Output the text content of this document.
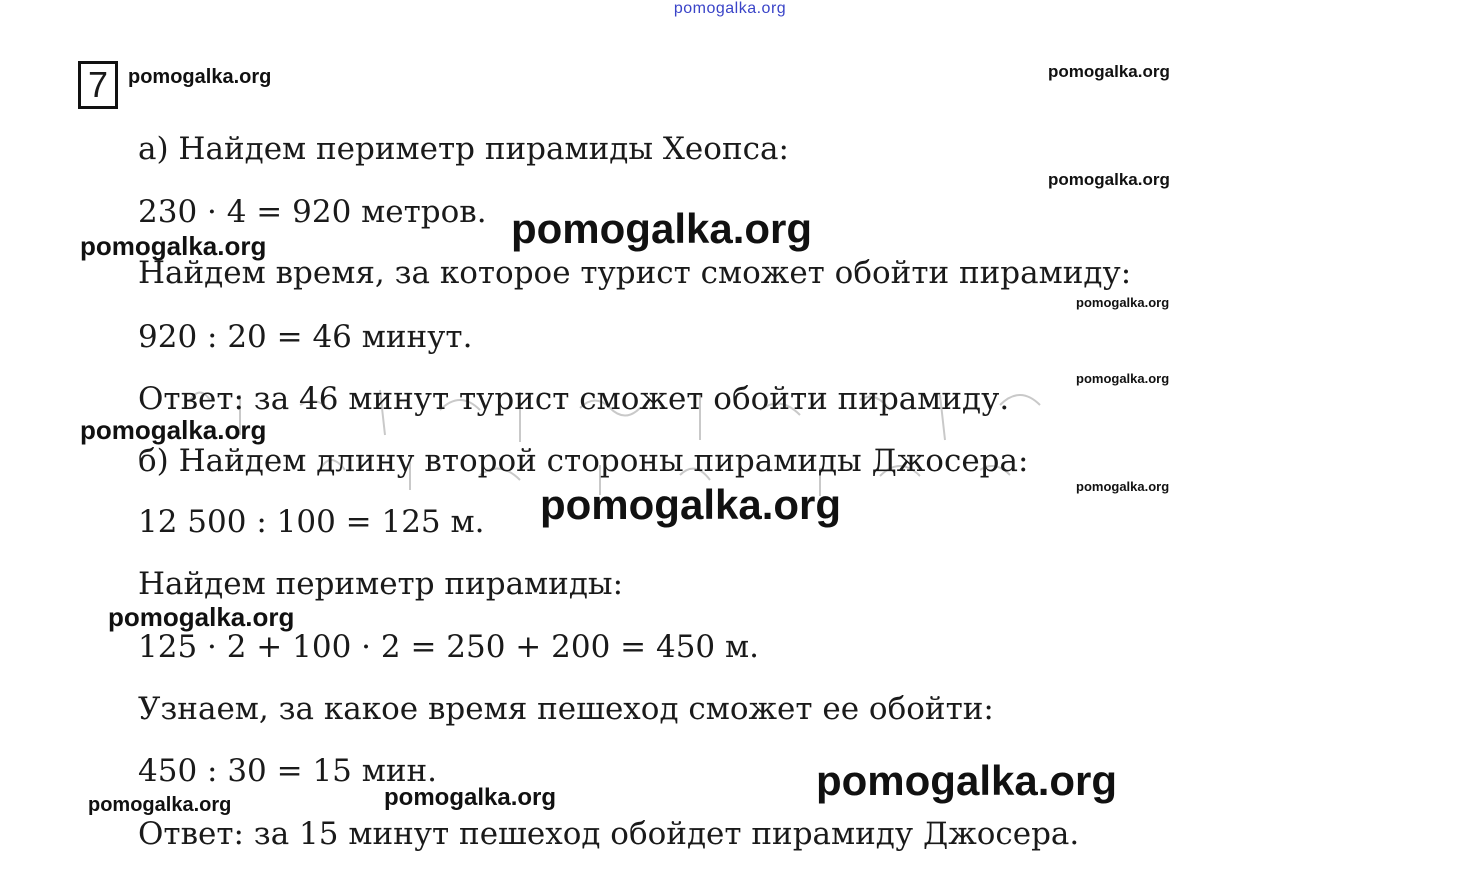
pomogalka.org
7 pomogalka.org	pomogalka.org
pomogalka.org
pomogalka.org
pomogalka.org
pomogalka.org
pomogalka.org
pomogalka.org
pomogalka.org
pomogalka.org
pomogalka.org
pomogalka.org
pomogalka.org
pomogalka.org
а) Найдем периметр пирамиды Хеопса:
230 · 4 = 920 метров.
Найдем время, за которое турист сможет обойти пирамиду:
920 : 20 = 46 минут.
Ответ: за 46 минут турист сможет обойти пирамиду.
б) Найдем длину второй стороны пирамиды Джосера:
12 500 : 100 = 125 м.
Найдем периметр пирамиды:
125 · 2 + 100 · 2 = 250 + 200 = 450 м.
Узнаем, за какое время пешеход сможет ее обойти:
450 : 30 = 15 мин.
Ответ: за 15 минут пешеход обойдет пирамиду Джосера.
